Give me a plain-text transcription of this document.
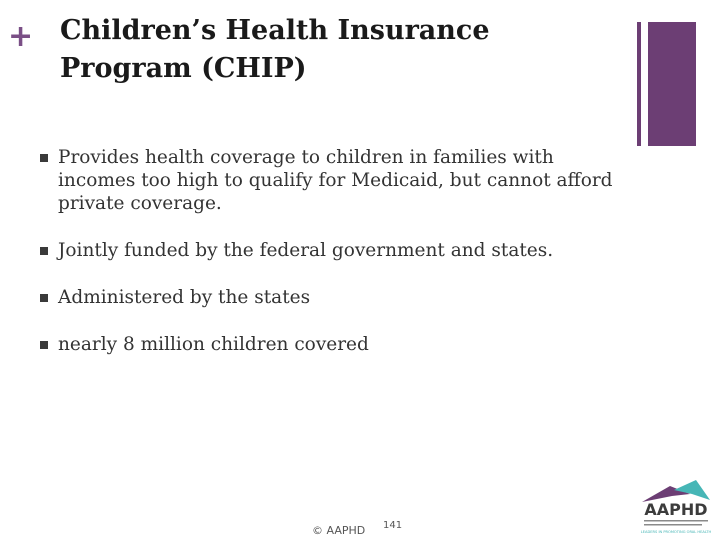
+ Children’s Health Insurance
Program (CHIP)
Provides health coverage to children in families with incomes too high to qualify for Medicaid, but cannot afford private coverage.
Jointly funded by the federal government and states.
Administered by the states
nearly 8 million children covered
© AAPHD 141
AAPHD
LEADERS IN PROMOTING ORAL HEALTH
